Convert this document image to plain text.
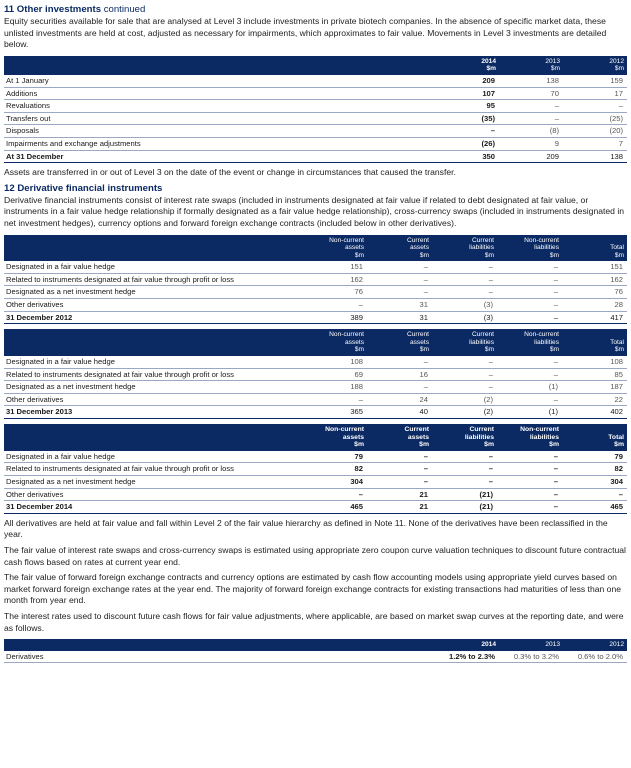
11 Other investments continued

Equity securities available for sale that are analysed at Level 3 include investments in private biotech companies. In the absence of specific market data, these unlisted investments are held at cost, adjusted as necessary for impairments, which approximates to fair value. Movements in Level 3 investments are detailed below.

	2014
$m	2013
$m	2012
$m

At 1 January	209	138	159
Additions	107	70	17
Revaluations	95	–	–
Transfers out	(35)	–	(25)
Disposals	–	(8)	(20)
Impairments and exchange adjustments	(26)	9	7
At 31 December	350	209	138

Assets are transferred in or out of Level 3 on the date of the event or change in circumstances that caused the transfer.

12 Derivative financial instruments

Derivative financial instruments consist of interest rate swaps (included in instruments designated at fair value if related to debt designated at fair value, or instruments in a fair value hedge relationship if formally designated as a fair value hedge relationship), cross-currency swaps (included in instruments designated in net investment hedges), currency options and forward foreign exchange contracts (included below in other derivatives).

	Non-current
assets
$m	Current
assets
$m	Current
liabilities
$m	Non-current
liabilities
$m	Total
$m

Designated in a fair value hedge	151	–	–	–	151
Related to instruments designated at fair value through profit or loss	162	–	–	–	162
Designated as a net investment hedge	76	–	–	–	76
Other derivatives	–	31	(3)	–	28
31 December 2012	389	31	(3)	–	417

	Non-current
assets
$m	Current
assets
$m	Current
liabilities
$m	Non-current
liabilities
$m	Total
$m

Designated in a fair value hedge	108	–	–	–	108
Related to instruments designated at fair value through profit or loss	69	16	–	–	85
Designated as a net investment hedge	188	–	–	(1)	187
Other derivatives	–	24	(2)	–	22
31 December 2013	365	40	(2)	(1)	402

	Non-current
assets
$m	Current
assets
$m	Current
liabilities
$m	Non-current
liabilities
$m	Total
$m

Designated in a fair value hedge	79	–	–	–	79
Related to instruments designated at fair value through profit or loss	82	–	–	–	82
Designated as a net investment hedge	304	–	–	–	304
Other derivatives	–	21	(21)	–	–
31 December 2014	465	21	(21)	–	465

All derivatives are held at fair value and fall within Level 2 of the fair value hierarchy as defined in Note 11. None of the derivatives have been reclassified in the year.

The fair value of interest rate swaps and cross-currency swaps is estimated using appropriate zero coupon curve valuation techniques to discount future contractual cash flows based on rates at current year end.

The fair value of forward foreign exchange contracts and currency options are estimated by cash flow accounting models using appropriate yield curves based on market forward foreign exchange rates at the year end. The majority of forward foreign exchange contracts for existing transactions had maturities of less than one month from year end.

The interest rates used to discount future cash flows for fair value adjustments, where applicable, are based on market swap curves at the reporting date, and were as follows.

	2014	2013	2012
Derivatives	1.2% to 2.3%	0.3% to 3.2%	0.6% to 2.0%
